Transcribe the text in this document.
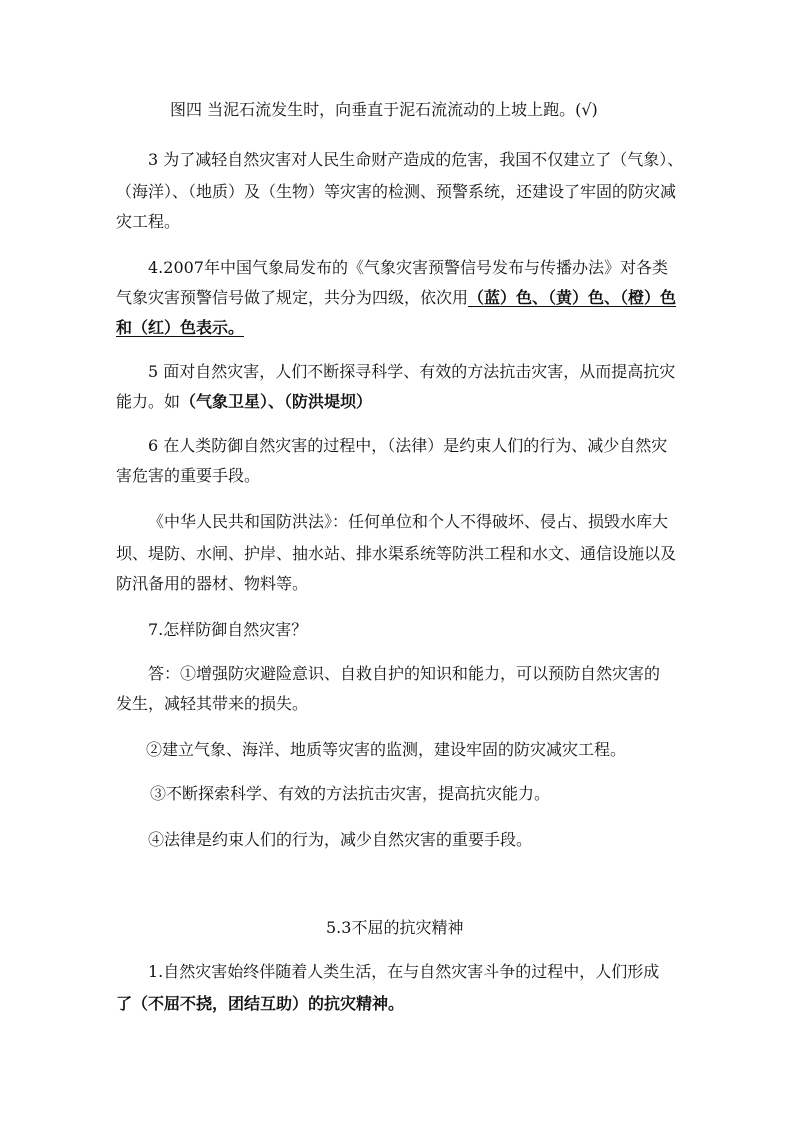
图四 当泥石流发生时，向垂直于泥石流流动的上坡上跑。(√)
3 为了减轻自然灾害对人民生命财产造成的危害，我国不仅建立了（气象）、
（海洋）、（地质）及（生物）等灾害的检测、预警系统，还建设了牢固的防灾减
灾工程。
4.2007年中国气象局发布的《气象灾害预警信号发布与传播办法》对各类
气象灾害预警信号做了规定，共分为四级，依次用（蓝）色、（黄）色、（橙）色
和（红）色表示。
5 面对自然灾害，人们不断探寻科学、有效的方法抗击灾害，从而提高抗灾
能力。如（气象卫星）、（防洪堤坝）
6 在人类防御自然灾害的过程中，（法律）是约束人们的行为、减少自然灾
害危害的重要手段。
《中华人民共和国防洪法》：任何单位和个人不得破坏、侵占、损毁水库大
坝、堤防、水闸、护岸、抽水站、排水渠系统等防洪工程和水文、通信设施以及
防汛备用的器材、物料等。
7.怎样防御自然灾害？
答：①增强防灾避险意识、自救自护的知识和能力，可以预防自然灾害的
发生，减轻其带来的损失。
②建立气象、海洋、地质等灾害的监测，建设牢固的防灾减灾工程。
③不断探索科学、有效的方法抗击灾害，提高抗灾能力。
④法律是约束人们的行为，减少自然灾害的重要手段。
5.3不屈的抗灾精神
1.自然灾害始终伴随着人类生活，在与自然灾害斗争的过程中，人们形成
了（不屈不挠，团结互助）的抗灾精神。
